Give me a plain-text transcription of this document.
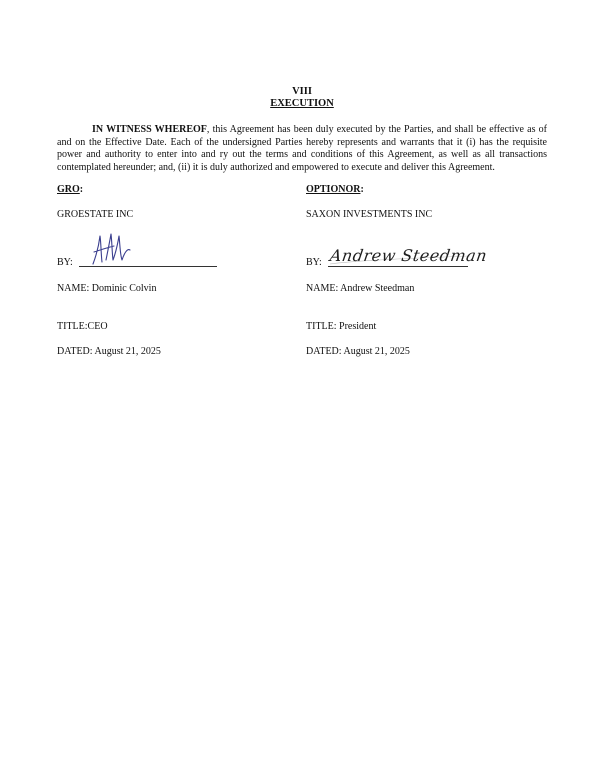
VIII
EXECUTION
IN WITNESS WHEREOF, this Agreement has been duly executed by the Parties, and shall be effective as of and on the Effective Date. Each of the undersigned Parties hereby represents and warrants that it (i) has the requisite power and authority to enter into and ry out the terms and conditions of this Agreement, as well as all transactions contemplated hereunder; and, (ii) it is duly authorized and empowered to execute and deliver this Agreement.
GRO:
GROESTATE INC
BY:
NAME: Dominic Colvin
TITLE:CEO
DATED: August 21, 2025
OPTIONOR:
SAXON INVESTMENTS INC
BY:
NAME: Andrew Steedman
TITLE: President
DATED: August 21, 2025
Andrew Steedman
